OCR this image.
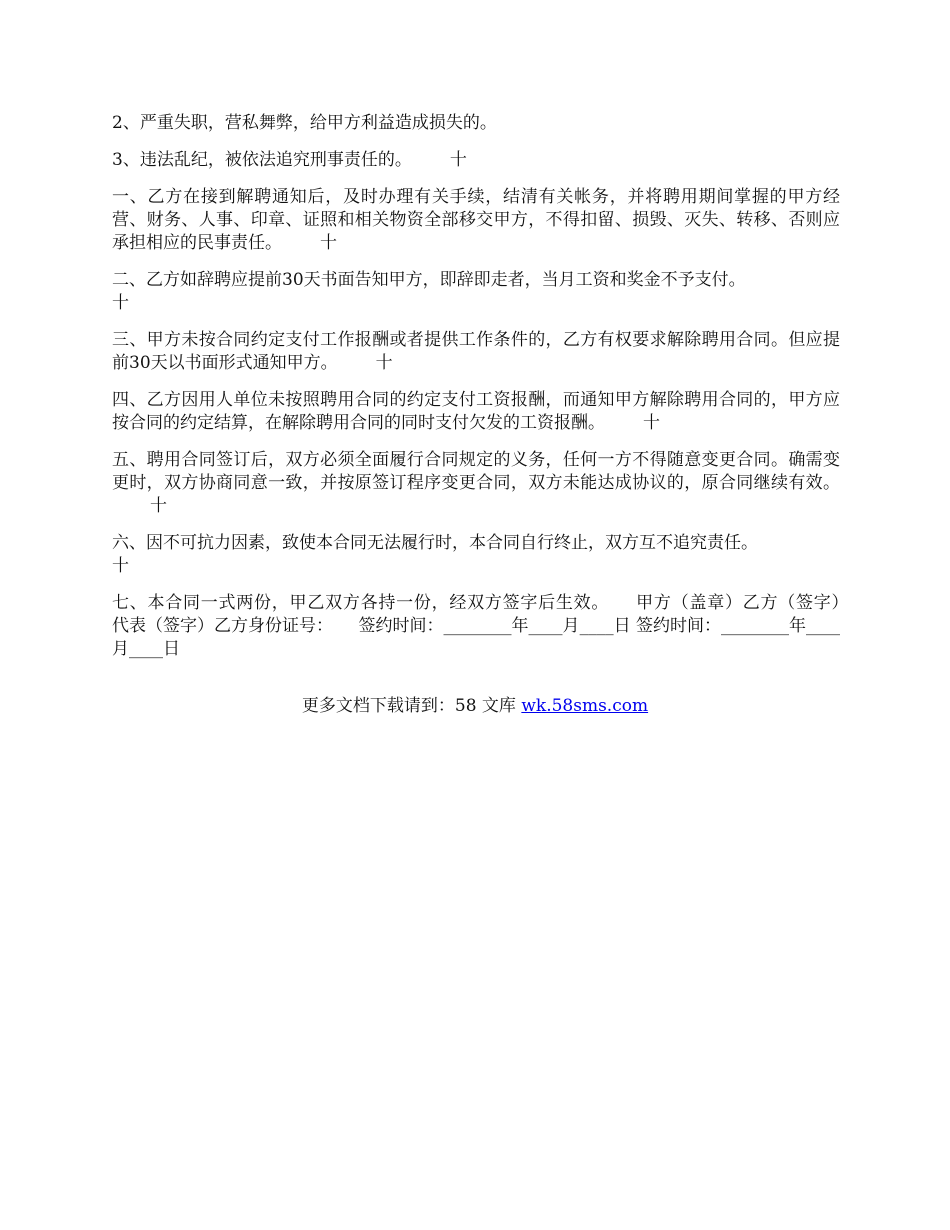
2、严重失职，营私舞弊，给甲方利益造成损失的。

3、违法乱纪，被依法追究刑事责任的。 十

一、乙方在接到解聘通知后，及时办理有关手续，结清有关帐务，并将聘用期间掌握的甲方经营、财务、人事、印章、证照和相关物资全部移交甲方，不得扣留、损毁、灭失、转移、否则应承担相应的民事责任。 十

二、乙方如辞聘应提前30天书面告知甲方，即辞即走者，当月工资和奖金不予支付。
十

三、甲方未按合同约定支付工作报酬或者提供工作条件的，乙方有权要求解除聘用合同。但应提前30天以书面形式通知甲方。 十

四、乙方因用人单位未按照聘用合同的约定支付工资报酬，而通知甲方解除聘用合同的，甲方应按合同的约定结算，在解除聘用合同的同时支付欠发的工资报酬。 十

五、聘用合同签订后，双方必须全面履行合同规定的义务，任何一方不得随意变更合同。确需变更时，双方协商同意一致，并按原签订程序变更合同，双方未能达成协议的，原合同继续有效。十

六、因不可抗力因素，致使本合同无法履行时，本合同自行终止，双方互不追究责任。
十

七、本合同一式两份，甲乙双方各持一份，经双方签字后生效。　　甲方（盖章）乙方（签字）　　代表（签字）乙方身份证号：　　签约时间：________年____月____日 签约时间：________年____月____日

更多文档下载请到：58 文库 wk.58sms.com
